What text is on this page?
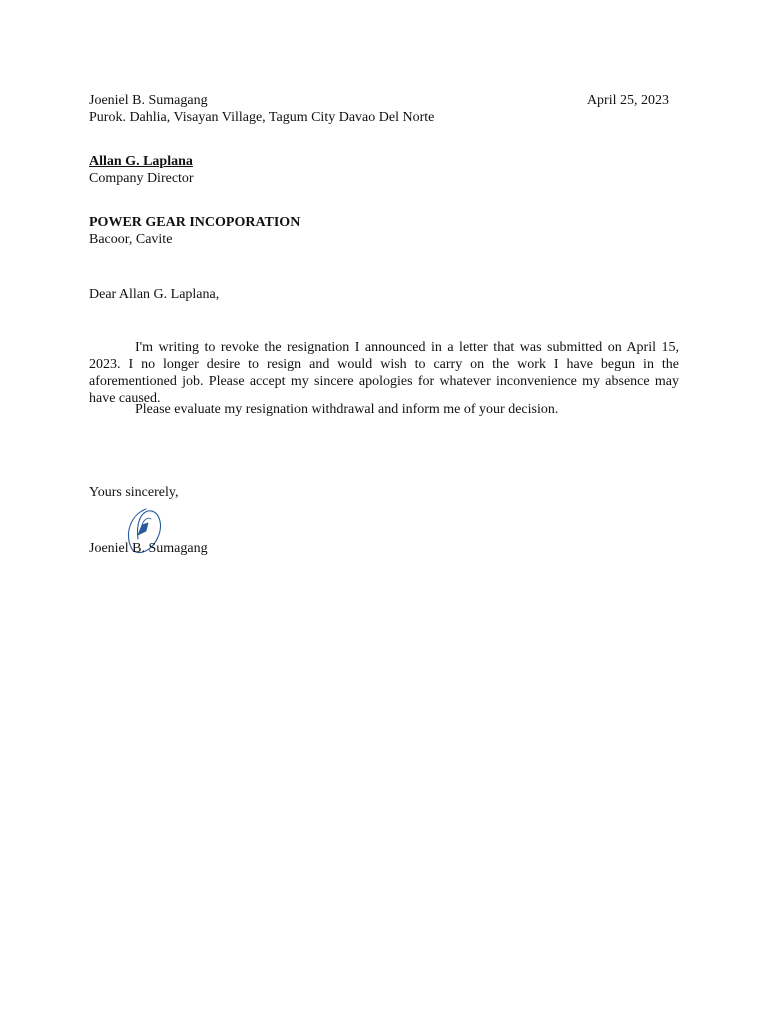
Joeniel B. Sumagang	April 25, 2023
Purok. Dahlia, Visayan Village, Tagum City Davao Del Norte
Allan G. Laplana
Company Director
POWER GEAR INCOPORATION
Bacoor, Cavite
Dear Allan G. Laplana,
I'm writing to revoke the resignation I announced in a letter that was submitted on April 15, 2023. I no longer desire to resign and would wish to carry on the work I have begun in the aforementioned job. Please accept my sincere apologies for whatever inconvenience my absence may have caused.
Please evaluate my resignation withdrawal and inform me of your decision.
Yours sincerely,
Joeniel B. Sumagang
